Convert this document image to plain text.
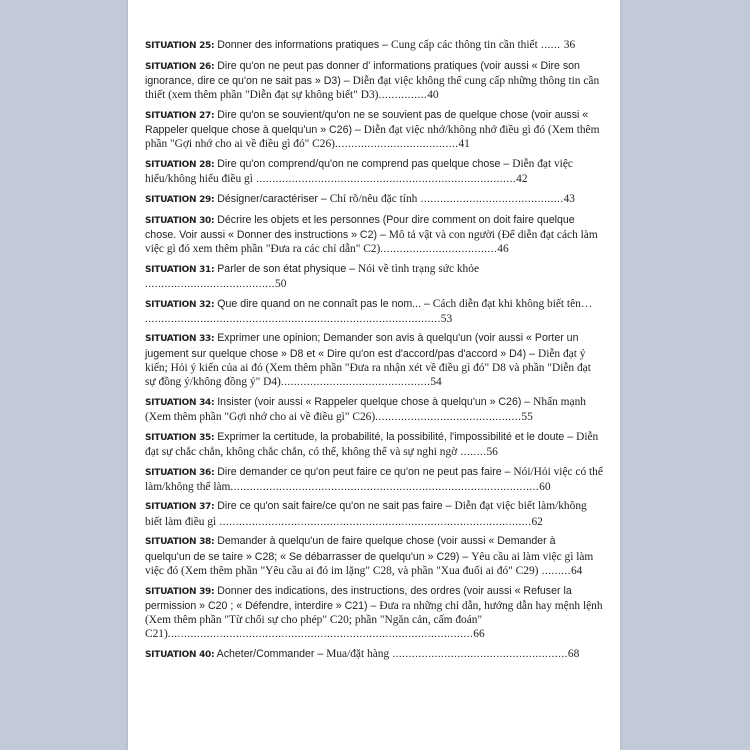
SITUATION 25: Donner des informations pratiques – Cung cấp các thông tin cần thiết ...... 36
SITUATION 26: Dire qu'on ne peut pas donner d' informations pratiques (voir aussi « Dire son ignorance, dire ce qu'on ne sait pas » D3) – Diễn đạt việc không thể cung cấp những thông tin cần thiết (xem thêm phần "Diễn đạt sự không biết" D3)...............40
SITUATION 27: Dire qu'on se souvient/qu'on ne se souvient pas de quelque chose (voir aussi « Rappeler quelque chose à quelqu'un » C26) – Diễn đạt việc nhớ/không nhớ điều gì đó (Xem thêm phần "Gợi nhớ cho ai về điều gì đó" C26)......................................41
SITUATION 28: Dire qu'on comprend/qu'on ne comprend pas quelque chose – Diễn đạt việc hiểu/không hiểu điều gì ................................................................................42
SITUATION 29: Désigner/caractériser – Chỉ rõ/nêu đặc tính ............................................43
SITUATION 30: Décrire les objets et les personnes (Pour dire comment on doit faire quelque chose. Voir aussi « Donner des instructions » C2) – Mô tả vật và con người (Để diễn đạt cách làm việc gì đó xem thêm phần "Đưa ra các chỉ dẫn" C2)....................................46
SITUATION 31: Parler de son état physique – Nói về tình trạng sức khỏe ........................................50
SITUATION 32: Que dire quand on ne connaît pas le nom... – Cách diễn đạt khi không biết tên… ...........................................................................................53
SITUATION 33: Exprimer une opinion; Demander son avis à quelqu'un (voir aussi « Porter un jugement sur quelque chose » D8 et « Dire qu'on est d'accord/pas d'accord » D4) – Diễn đạt ý kiến; Hỏi ý kiến của ai đó (Xem thêm phần "Đưa ra nhận xét về điều gì đó" D8 và phần "Diễn đạt sự đồng ý/không đồng ý" D4)..............................................54
SITUATION 34: Insister (voir aussi « Rappeler quelque chose à quelqu'un » C26) – Nhấn mạnh (Xem thêm phần "Gợi nhớ cho ai về điều gì" C26).............................................55
SITUATION 35: Exprimer la certitude, la probabilité, la possibilité, l'impossibilité et le doute – Diễn đạt sự chắc chắn, không chắc chắn, có thể, không thể và sự nghi ngờ ........56
SITUATION 36: Dire demander ce qu'on peut faire ce qu'on ne peut pas faire – Nói/Hỏi việc có thể làm/không thể làm...............................................................................................60
SITUATION 37: Dire ce qu'on sait faire/ce qu'on ne sait pas faire – Diễn đạt việc biết làm/không biết làm điều gì ................................................................................................62
SITUATION 38: Demander à quelqu'un de faire quelque chose (voir aussi « Demander à quelqu'un de se taire » C28; « Se débarrasser de quelqu'un » C29) – Yêu cầu ai làm việc gì làm việc đó (Xem thêm phần "Yêu cầu ai đó im lặng" C28, và phần "Xua đuổi ai đó" C29) .........64
SITUATION 39: Donner des indications, des instructions, des ordres (voir aussi « Refuser la permission » C20 ; « Défendre, interdire » C21) – Đưa ra những chỉ dẫn, hướng dẫn hay mệnh lệnh (Xem thêm phần "Từ chối sự cho phép" C20; phần "Ngăn cản, cấm đoán" C21)..............................................................................................66
SITUATION 40: Acheter/Commander – Mua/đặt hàng ......................................................68
